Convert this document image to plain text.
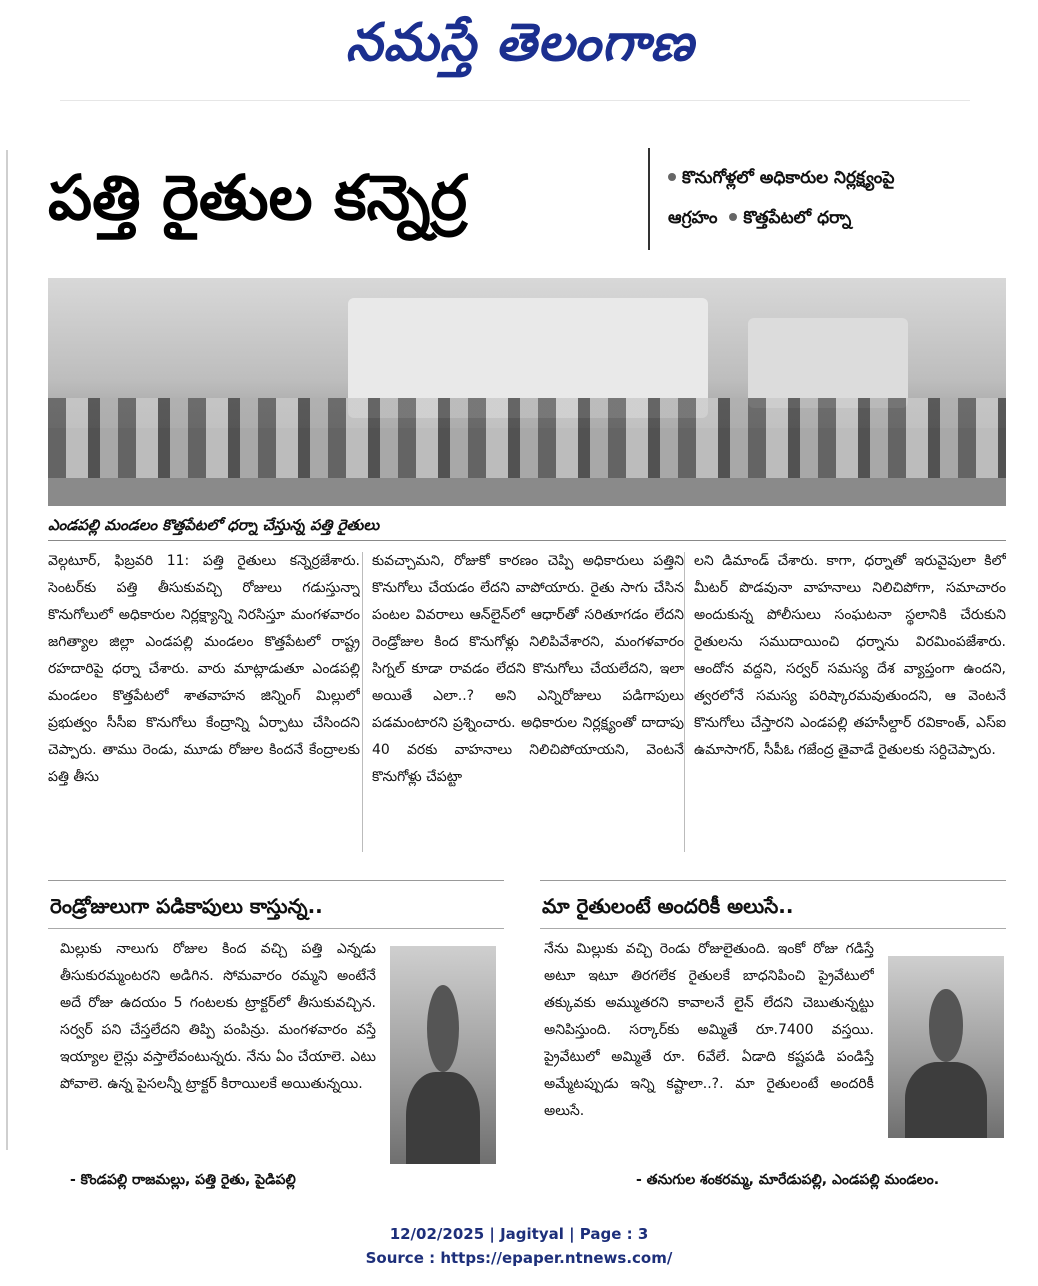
నమస్తే తెలంగాణ
పత్తి రైతుల కన్నెర్ర	కొనుగోళ్లలో అధికారుల నిర్లక్ష్యంపై
ఆగ్రహం కొత్తపేటలో ధర్నా
ఎండపల్లి మండలం కొత్తపేటలో ధర్నా చేస్తున్న పత్తి రైతులు
వెల్గటూర్, ఫిబ్రవరి 11: పత్తి రైతులు కన్నెర్రజేశారు. సెంటర్‌కు పత్తి తీసుకువచ్చి రోజులు గడుస్తున్నా కొనుగోలులో అధికారుల నిర్లక్ష్యాన్ని నిరసిస్తూ మంగళవారం జగిత్యాల జిల్లా ఎండపల్లి మండలం కొత్తపేటలో రాష్ట్ర రహదారిపై ధర్నా చేశారు. వారు మాట్లాడుతూ ఎండపల్లి మండలం కొత్తపేటలో శాతవాహన జిన్నింగ్ మిల్లులో ప్రభుత్వం సీసీఐ కొనుగోలు కేంద్రాన్ని ఏర్పాటు చేసిందని చెప్పారు. తాము రెండు, మూడు రోజుల కిందనే కేంద్రాలకు పత్తి తీసు
కువచ్చామని, రోజుకో కారణం చెప్పి అధికారులు పత్తిని కొనుగోలు చేయడం లేదని వాపోయారు. రైతు సాగు చేసిన పంటల వివరాలు ఆన్‌లైన్‌లో ఆధార్‌తో సరితూగడం లేదని రెండ్రోజుల కింద కొనుగోళ్లు నిలిపివేశారని, మంగళవారం సిగ్నల్ కూడా రావడం లేదని కొనుగోలు చేయలేదని, ఇలా అయితే ఎలా..? అని ఎన్నిరోజులు పడిగాపులు పడమంటారని ప్రశ్నించారు. అధికారుల నిర్లక్ష్యంతో దాదాపు 40 వరకు వాహనాలు నిలిచిపోయాయని, వెంటనే కొనుగోళ్లు చేపట్టా
లని డిమాండ్ చేశారు. కాగా, ధర్నాతో ఇరువైపులా కిలో మీటర్ పొడవునా వాహనాలు నిలిచిపోగా, సమాచారం అందుకున్న పోలీసులు సంఘటనా స్థలానికి చేరుకుని రైతులను సముదాయించి ధర్నాను విరమింపజేశారు. ఆందోన వద్దని, సర్వర్ సమస్య దేశ వ్యాప్తంగా ఉందని, త్వరలోనే సమస్య పరిష్కారమవుతుందని, ఆ వెంటనే కొనుగోలు చేస్తారని ఎండపల్లి తహసీల్దార్ రవికాంత్, ఎస్ఐ ఉమాసాగర్, సీపీఓ గజేంద్ర తైవాడే రైతులకు సర్దిచెప్పారు.
రెండ్రోజులుగా పడికాపులు కాస్తున్న..
మిల్లుకు నాలుగు రోజుల కింద వచ్చి పత్తి ఎన్నడు తీసుకురమ్మంటరని అడిగిన. సోమవారం రమ్మని అంటేనే అదే రోజు ఉదయం 5 గంటలకు ట్రాక్టర్‌లో తీసుకువచ్చిన. సర్వర్ పని చేస్తలేదని తిప్పి పంపిన్రు. మంగళవారం వస్తే ఇయ్యాల లైన్లు వస్తాలేవంటున్నరు. నేను ఏం చేయాలె. ఎటు పోవాలె. ఉన్న పైసలన్నీ ట్రాక్టర్ కిరాయిలకే అయితున్నయి.
- కొండపల్లి రాజమల్లు, పత్తి రైతు, పైడిపల్లి
మా రైతులంటే అందరికీ అలుసే..
నేను మిల్లుకు వచ్చి రెండు రోజులైతుంది. ఇంకో రోజు గడిస్తే అటూ ఇటూ తిరగలేక రైతులకే బాధనిపించి ప్రైవేటులో తక్కువకు అమ్ముతరని కావాలనే లైన్ లేదని చెబుతున్నట్టు అనిపిస్తుంది. సర్కార్‌కు అమ్మితే రూ.7400 వస్తయి. ప్రైవేటులో అమ్మితే రూ. 6వేలే. ఏడాది కష్టపడి పండిస్తే అమ్మేటప్పుడు ఇన్ని కష్టాలా..?. మా రైతులంటే అందరికీ అలుసే.
- తనుగుల శంకరమ్మ, మారేడుపల్లి, ఎండపల్లి మండలం.
12/02/2025 | Jagityal | Page : 3
Source : https://epaper.ntnews.com/
